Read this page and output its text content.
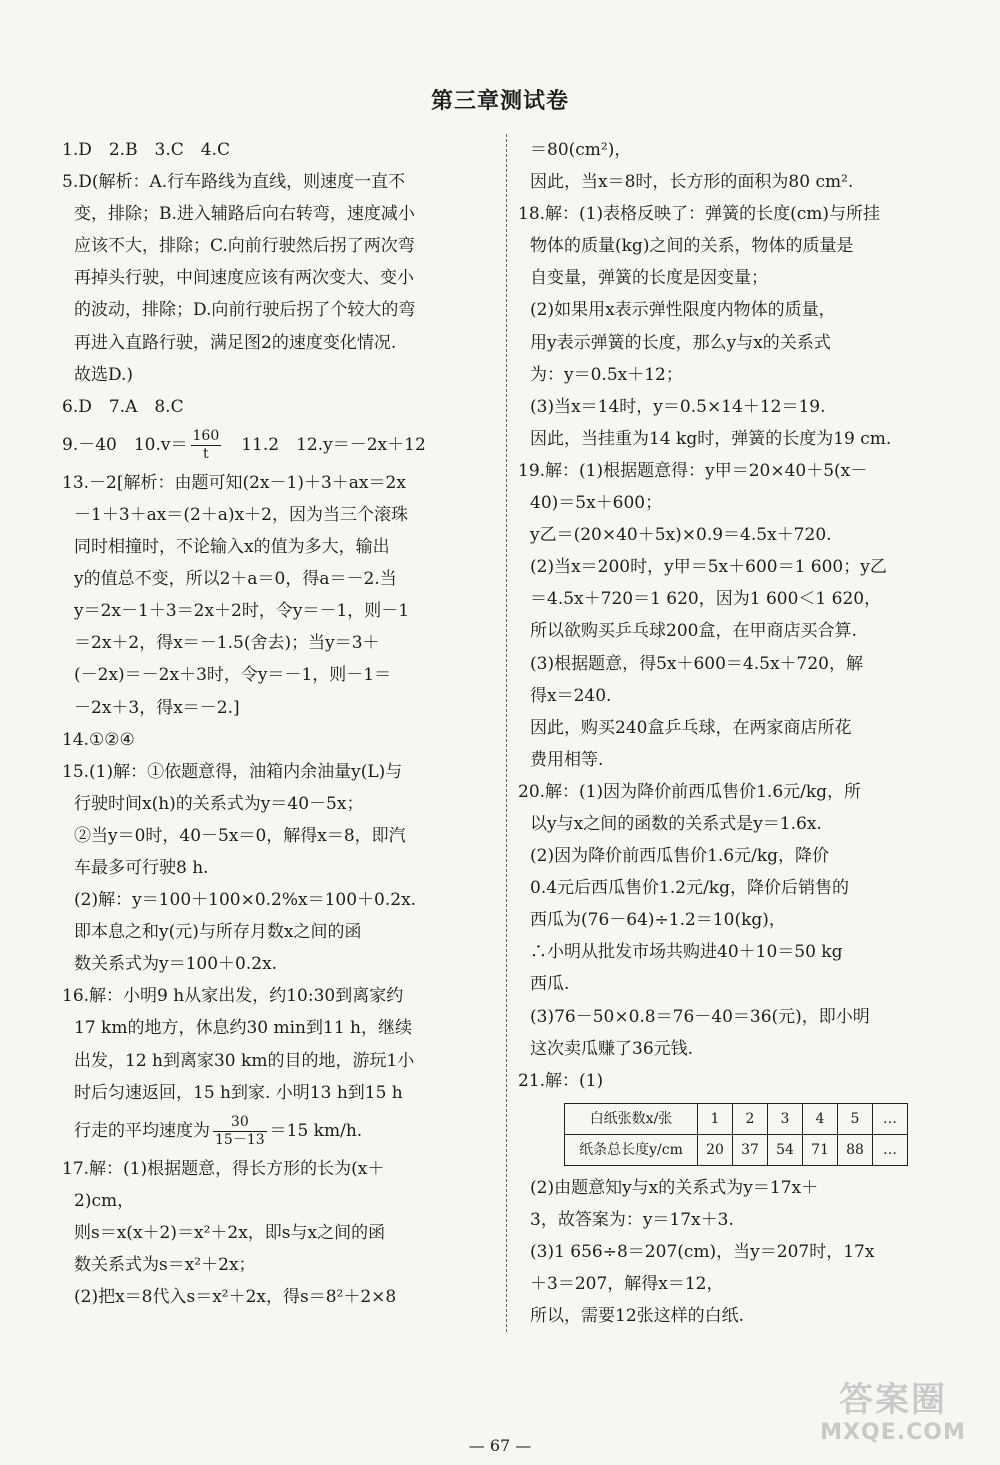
第三章测试卷
1.D　2.B　3.C　4.C
5.D(解析：A.行车路线为直线，则速度一直不
变，排除；B.进入辅路后向右转弯，速度减小
应该不大，排除；C.向前行驶然后拐了两次弯
再掉头行驶，中间速度应该有两次变大、变小
的波动，排除；D.向前行驶后拐了个较大的弯
再进入直路行驶，满足图2的速度变化情况.
故选D.)
6.D　7.A　8.C
9.－40　$10.v= \frac{160}{t}$ 　11.2　12.y＝－2x＋12
13.－2[解析：由题可知(2x－1)＋3＋ax＝2x
－1＋3＋ax＝(2＋a)x＋2，因为当三个滚珠
同时相撞时，不论输入x的值为多大，输出
y的值总不变，所以2＋a＝0，得a＝－2.当
y＝2x－1＋3＝2x＋2时，令y＝－1，则－1
＝2x＋2，得x＝－1.5(舍去)；当y＝3＋
(－2x)＝－2x＋3时，令y＝－1，则－1＝
－2x＋3，得x＝－2.]
14.①②④
15.(1)解：①依题意得，油箱内余油量y(L)与
行驶时间x(h)的关系式为y＝40－5x；
②当y＝0时，40－5x＝0，解得x＝8，即汽
车最多可行驶8 h.
(2)解：y＝100＋100×0.2%x＝100＋0.2x.
即本息之和y(元)与所存月数x之间的函
数关系式为y＝100＋0.2x.
16.解：小明9 h从家出发，约10:30到离家约
17 km的地方，休息约30 min到11 h，继续
出发，12 h到离家30 km的目的地，游玩1小
时后匀速返回，15 h到家. 小明13 h到15 h
行走的平均速度为 $\frac{30}{15-13} =15$ km/h.
17.解：(1)根据题意，得长方形的长为(x＋
2)cm，
则s＝x(x＋2)＝x²＋2x，即s与x之间的函
数关系式为s＝x²＋2x；
(2)把x＝8代入s＝x²＋2x，得s＝8²＋2×8
＝80(cm²)，
因此，当x＝8时，长方形的面积为80 cm².
18.解：(1)表格反映了：弹簧的长度(cm)与所挂
物体的质量(kg)之间的关系，物体的质量是
自变量，弹簧的长度是因变量；
(2)如果用x表示弹性限度内物体的质量，
用y表示弹簧的长度，那么y与x的关系式
为：y＝0.5x＋12；
(3)当x＝14时，y＝0.5×14＋12＝19.
因此，当挂重为14 kg时，弹簧的长度为19 cm.
19.解：(1)根据题意得：y甲＝20×40＋5(x－
40)＝5x＋600；
y乙＝(20×40＋5x)×0.9＝4.5x＋720.
(2)当x＝200时，y甲＝5x＋600＝1 600；y乙
＝4.5x＋720＝1 620，因为1 600＜1 620，
所以欲购买乒乓球200盒，在甲商店买合算.
(3)根据题意，得5x＋600＝4.5x＋720，解
得x＝240.
因此，购买240盒乒乓球，在两家商店所花
费用相等.
20.解：(1)因为降价前西瓜售价1.6元/kg，所
以y与x之间的函数的关系式是y＝1.6x.
(2)因为降价前西瓜售价1.6元/kg，降价
0.4元后西瓜售价1.2元/kg，降价后销售的
西瓜为(76－64)÷1.2＝10(kg)，
∴小明从批发市场共购进40＋10＝50 kg
西瓜.
(3)76－50×0.8＝76－40＝36(元)，即小明
这次卖瓜赚了36元钱.
21.解：(1)
白纸张数x/张	1	2	3	4	5	…
纸条总长度y/cm	20	37	54	71	88	…
(2)由题意知y与x的关系式为y＝17x＋
3，故答案为：y＝17x＋3.
(3)1 656÷8＝207(cm)，当y＝207时，17x
＋3＝207，解得x＝12，
所以，需要12张这样的白纸.
— 67 —
答案圈
MXQE.COM
